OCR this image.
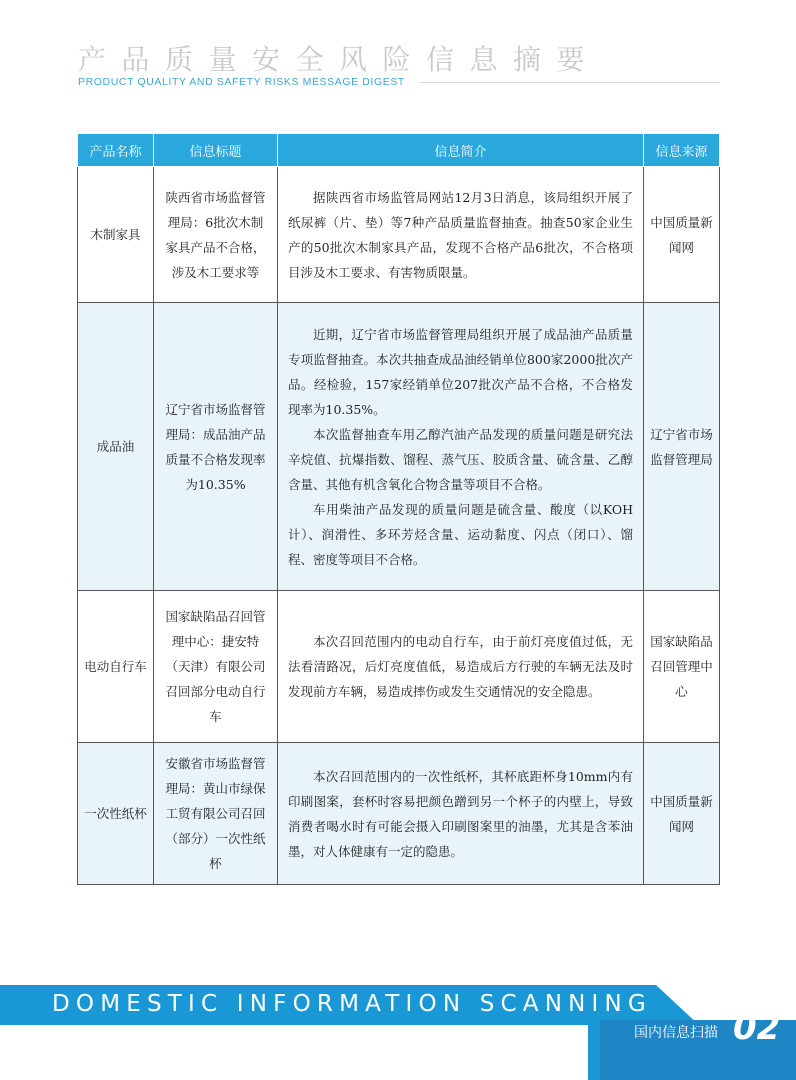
产品质量安全风险信息摘要
PRODUCT QUALITY AND SAFETY RISKS MESSAGE DIGEST
产品名称	信息标题	信息简介	信息来源
木制家具	陕西省市场监督管理局：6批次木制家具产品不合格，涉及木工要求等	据陕西省市场监管局网站12月3日消息，该局组织开展了纸尿裤（片、垫）等7种产品质量监督抽查。抽查50家企业生产的50批次木制家具产品，发现不合格产品6批次，不合格项目涉及木工要求、有害物质限量。	中国质量新闻网
成品油	辽宁省市场监督管理局：成品油产品质量不合格发现率为10.35%	近期，辽宁省市场监督管理局组织开展了成品油产品质量专项监督抽查。本次共抽查成品油经销单位800家2000批次产品。经检验，157家经销单位207批次产品不合格，不合格发现率为10.35%。

本次监督抽查车用乙醇汽油产品发现的质量问题是研究法辛烷值、抗爆指数、馏程、蒸气压、胶质含量、硫含量、乙醇含量、其他有机含氧化合物含量等项目不合格。

车用柴油产品发现的质量问题是硫含量、酸度（以KOH计）、润滑性、多环芳烃含量、运动黏度、闪点（闭口）、馏程、密度等项目不合格。	辽宁省市场监督管理局
电动自行车	国家缺陷品召回管理中心：捷安特（天津）有限公司召回部分电动自行车	本次召回范围内的电动自行车，由于前灯亮度值过低，无法看清路况，后灯亮度值低，易造成后方行驶的车辆无法及时发现前方车辆，易造成摔伤或发生交通情况的安全隐患。	国家缺陷品召回管理中心
一次性纸杯	安徽省市场监督管理局：黄山市绿保工贸有限公司召回（部分）一次性纸杯	本次召回范围内的一次性纸杯，其杯底距杯身10mm内有印刷图案，套杯时容易把颜色蹭到另一个杯子的内壁上，导致消费者喝水时有可能会摄入印刷图案里的油墨，尤其是含苯油墨，对人体健康有一定的隐患。	中国质量新闻网
DOMESTIC INFORMATION SCANNING
国内信息扫描 02
